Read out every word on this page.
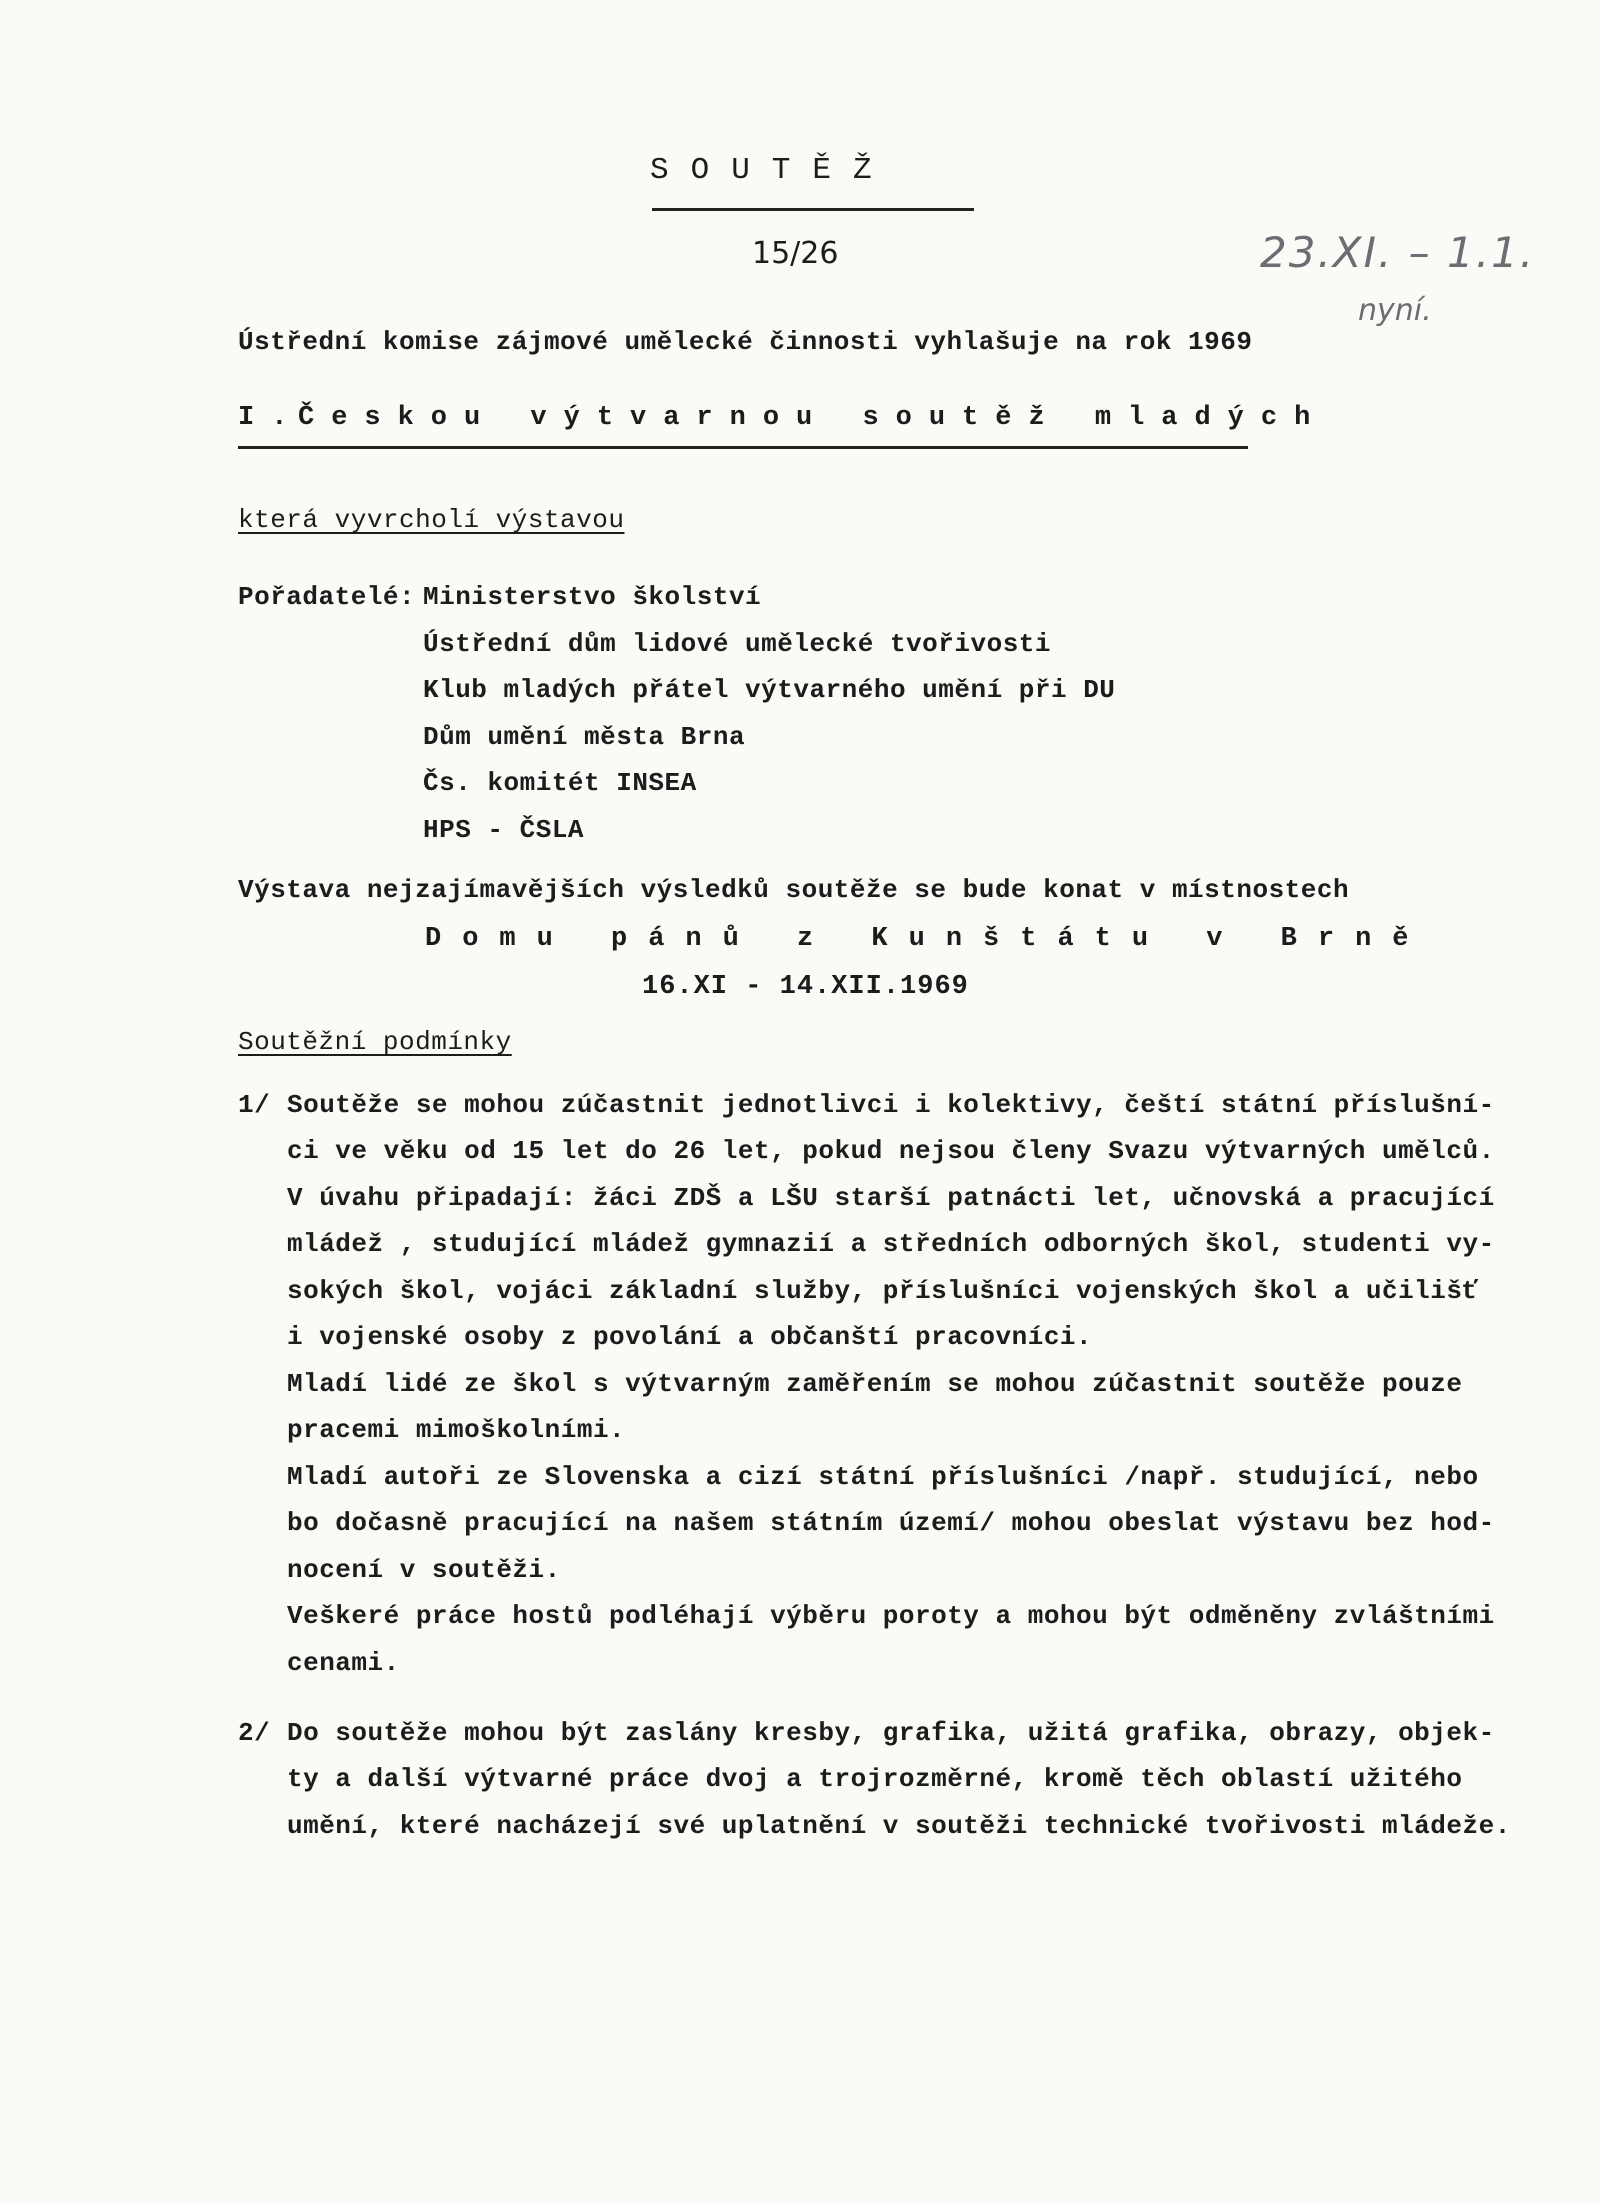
SOUTĚŽ
15/26	23.XI. – 1.1.
nyní.
Ústřední komise zájmové umělecké činnosti vyhlašuje na rok 1969
I.
Českou výtvarnou soutěž mladých
která vyvrcholí výstavou
Pořadatelé: Ministerstvo školství
Ústřední dům lidové umělecké tvořivosti
Klub mladých přátel výtvarného umění při DU
Dům umění města Brna
Čs. komitét INSEA
HPS - ČSLA
Výstava nejzajímavějších výsledků soutěže se bude konat v místnostech
Domu pánů z Kunštátu v Brně
16.XI - 14.XII.1969
Soutěžní podmínky
1/ Soutěže se mohou zúčastnit jednotlivci i kolektivy, čeští státní příslušní-
ci ve věku od 15 let do 26 let, pokud nejsou členy Svazu výtvarných umělců.
V úvahu připadají: žáci ZDŠ a LŠU starší patnácti let, učnovská a pracující
mládež , studující mládež gymnazií a středních odborných škol, studenti vy-
sokých škol, vojáci základní služby, příslušníci vojenských škol a učilišť
i vojenské osoby z povolání a občanští pracovníci.
Mladí lidé ze škol s výtvarným zaměřením se mohou zúčastnit soutěže pouze
pracemi mimoškolními.
Mladí autoři ze Slovenska a cizí státní příslušníci /např. studující, nebo
bo dočasně pracující na našem státním území/ mohou obeslat výstavu bez hod-
nocení v soutěži.
Veškeré práce hostů podléhají výběru poroty a mohou být odměněny zvláštními
cenami.
2/ Do soutěže mohou být zaslány kresby, grafika, užitá grafika, obrazy, objek-
ty a další výtvarné práce dvoj a trojrozměrné, kromě těch oblastí užitého
umění, které nacházejí své uplatnění v soutěži technické tvořivosti mládeže.
